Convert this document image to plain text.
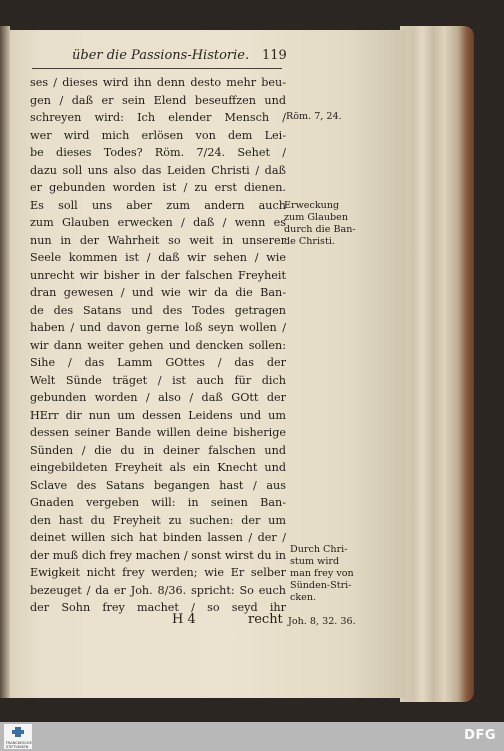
über die Passions-Historie. 119
ses / dieses wird ihn denn desto mehr beu-
gen / daß er sein Elend beseuffzen und
schreyen wird: Ich elender Mensch /
wer wird mich erlösen von dem Lei-
be dieses Todes? Röm. 7/24. Sehet /
dazu soll uns also das Leiden Christi / daß
er gebunden worden ist / zu erst dienen.
Es soll uns aber zum andern auch
zum Glauben erwecken / daß / wenn es
nun in der Wahrheit so weit in unserer
Seele kommen ist / daß wir sehen / wie
unrecht wir bisher in der falschen Freyheit
dran gewesen / und wie wir da die Ban-
de des Satans und des Todes getragen
haben / und davon gerne loß seyn wollen /
wir dann weiter gehen und dencken sollen:
Sihe / das Lamm GOttes / das der
Welt Sünde träget / ist auch für dich
gebunden worden / also / daß GOtt der
HErr dir nun um dessen Leidens und um
dessen seiner Bande willen deine bisherige
Sünden / die du in deiner falschen und
eingebildeten Freyheit als ein Knecht und
Sclave des Satans begangen hast / aus
Gnaden vergeben will: in seinen Ban-
den hast du Freyheit zu suchen: der um
deinet willen sich hat binden lassen / der /
der muß dich frey machen / sonst wirst du in
Ewigkeit nicht frey werden; wie Er selber
bezeuget / da er Joh. 8/36. spricht: So euch
der Sohn frey machet / so seyd ihr
Röm. 7, 24.
Erweckung
zum Glauben
durch die Ban-
de Christi.
Durch Chri-
stum wird
man frey von
Sünden-Stri-
cken.
Joh. 8, 32. 36.
H 4	recht
FRANCKESCHE
STIFTUNGEN
DFG
